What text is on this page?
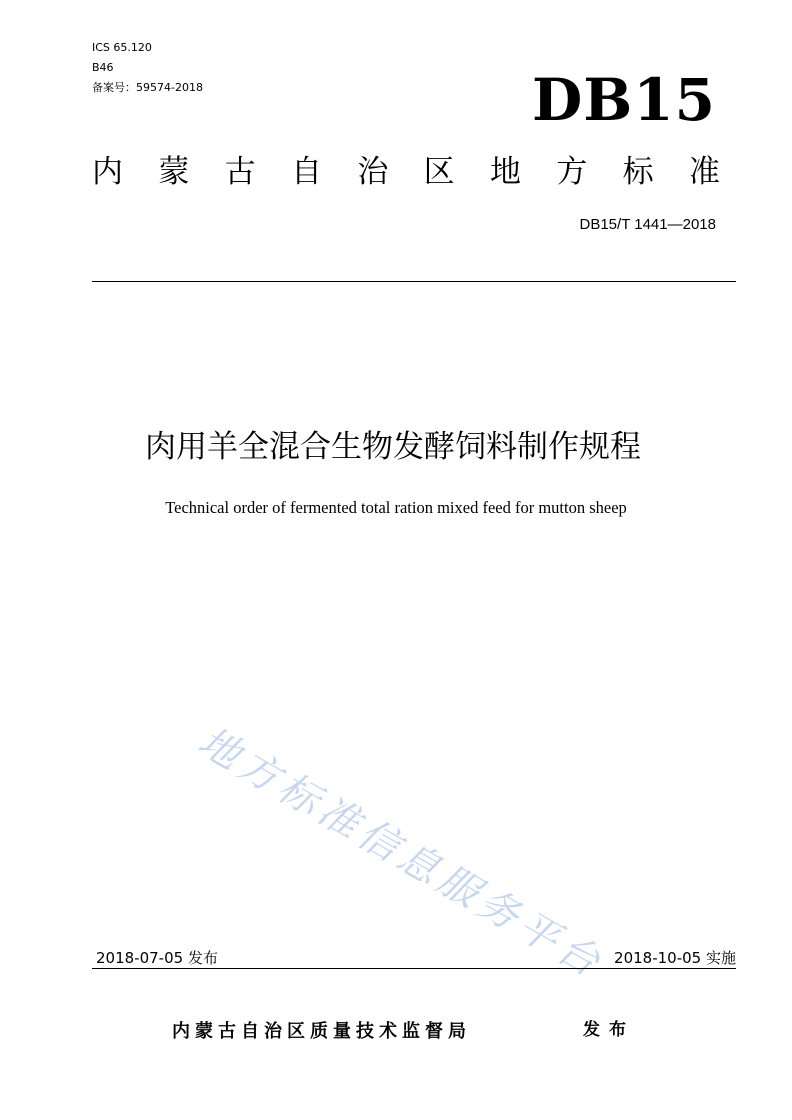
ICS 65.120
B46
备案号：59574-2018	DB15
内 蒙 古 自 治 区 地 方 标 准
DB15/T 1441—2018
肉用羊全混合生物发酵饲料制作规程
Technical order of fermented total ration mixed feed for mutton sheep
地方标准信息服务平台
2018-07-05 发布	2018-10-05 实施
内蒙古自治区质量技术监督局	发布
